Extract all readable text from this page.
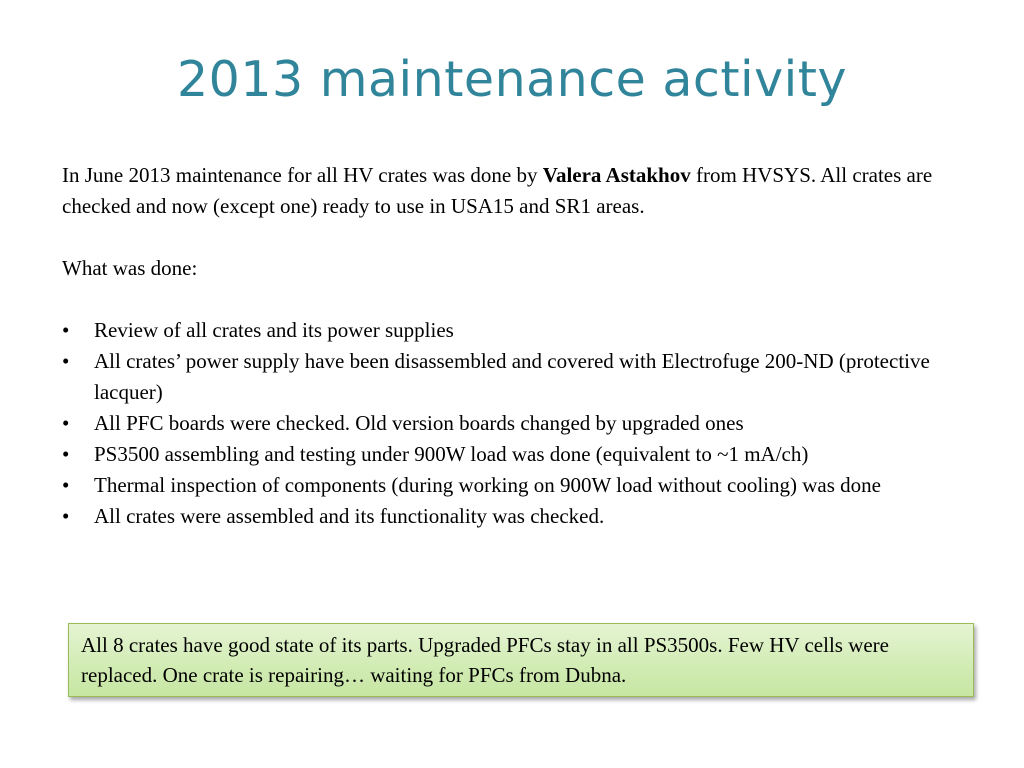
2013 maintenance activity

In June 2013 maintenance for all HV crates was done by Valera Astakhov from HVSYS. All crates are checked and now (except one) ready to use in USA15 and SR1 areas.

What was done:

• Review of all crates and its power supplies
• All crates’ power supply have been disassembled and covered with Electrofuge 200-ND (protective lacquer)
• All PFC boards were checked. Old version boards changed by upgraded ones
• PS3500 assembling and testing under 900W load was done (equivalent to ~1 mA/ch)
• Thermal inspection of components (during working on 900W load without cooling) was done
• All crates were assembled and its functionality was checked.
All 8 crates have good state of its parts. Upgraded PFCs stay in all PS3500s. Few HV cells were replaced. One crate is repairing… waiting for PFCs from Dubna.
